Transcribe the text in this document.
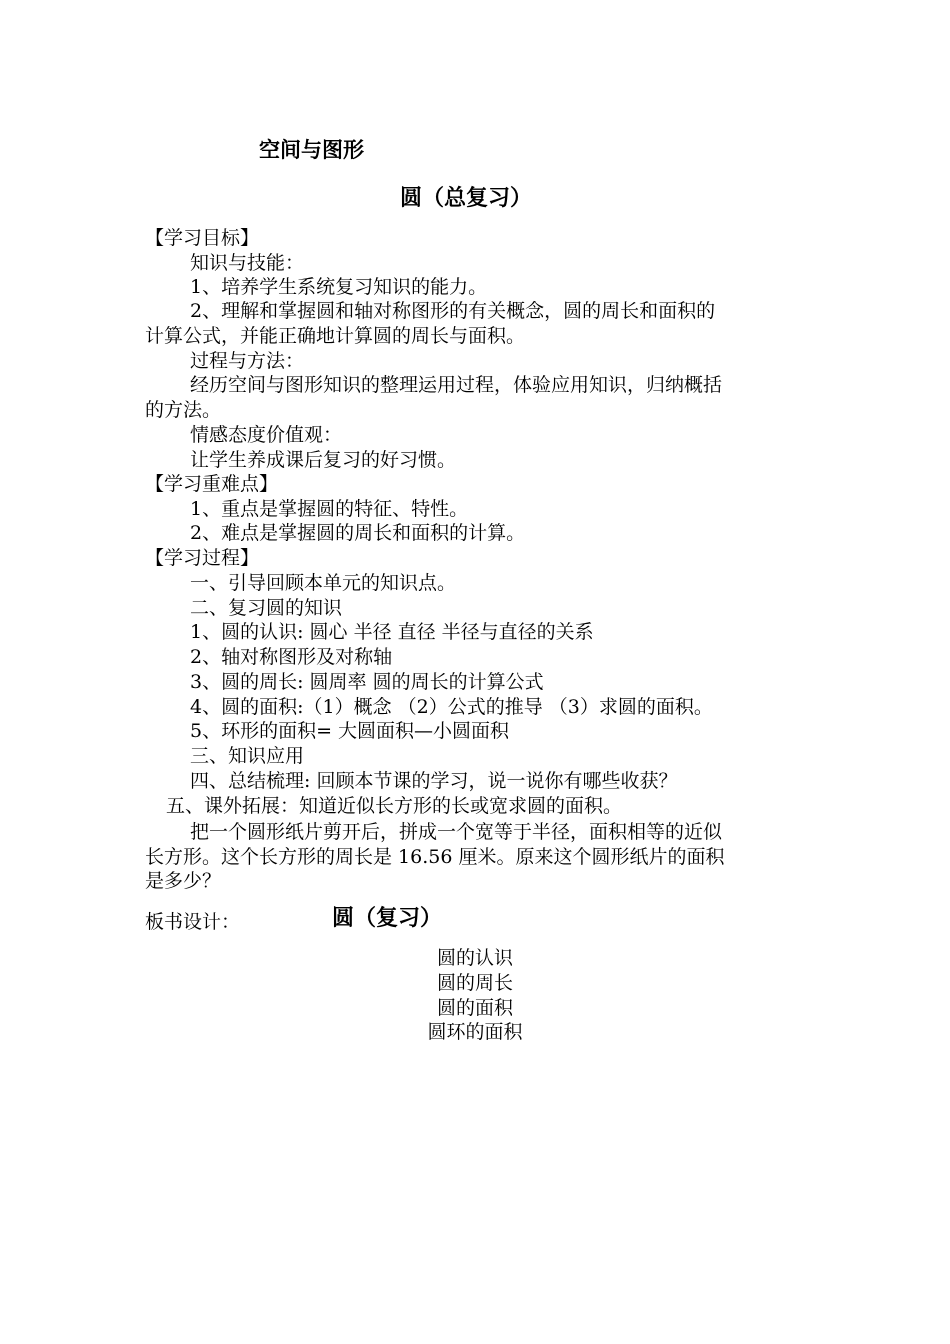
空间与图形
圆（总复习）
【学习目标】
知识与技能：
1、培养学生系统复习知识的能力。
2、理解和掌握圆和轴对称图形的有关概念，圆的周长和面积的
计算公式，并能正确地计算圆的周长与面积。
过程与方法：
经历空间与图形知识的整理运用过程，体验应用知识，归纳概括
的方法。
情感态度价值观：
让学生养成课后复习的好习惯。
【学习重难点】
1、重点是掌握圆的特征、特性。
2、难点是掌握圆的周长和面积的计算。
【学习过程】
一、引导回顾本单元的知识点。
二、复习圆的知识
1、圆的认识: 圆心 半径 直径 半径与直径的关系
2、轴对称图形及对称轴
3、圆的周长: 圆周率 圆的周长的计算公式
4、圆的面积:（1）概念 （2）公式的推导 （3）求圆的面积。
5、环形的面积= 大圆面积—小圆面积
三、知识应用
四、总结梳理: 回顾本节课的学习，说一说你有哪些收获？
五、课外拓展：知道近似长方形的长或宽求圆的面积。
把一个圆形纸片剪开后，拼成一个宽等于半径，面积相等的近似
长方形。这个长方形的周长是 16.56 厘米。原来这个圆形纸片的面积
是多少？
板书设计：	圆（复习）
圆的认识
圆的周长
圆的面积
圆环的面积
